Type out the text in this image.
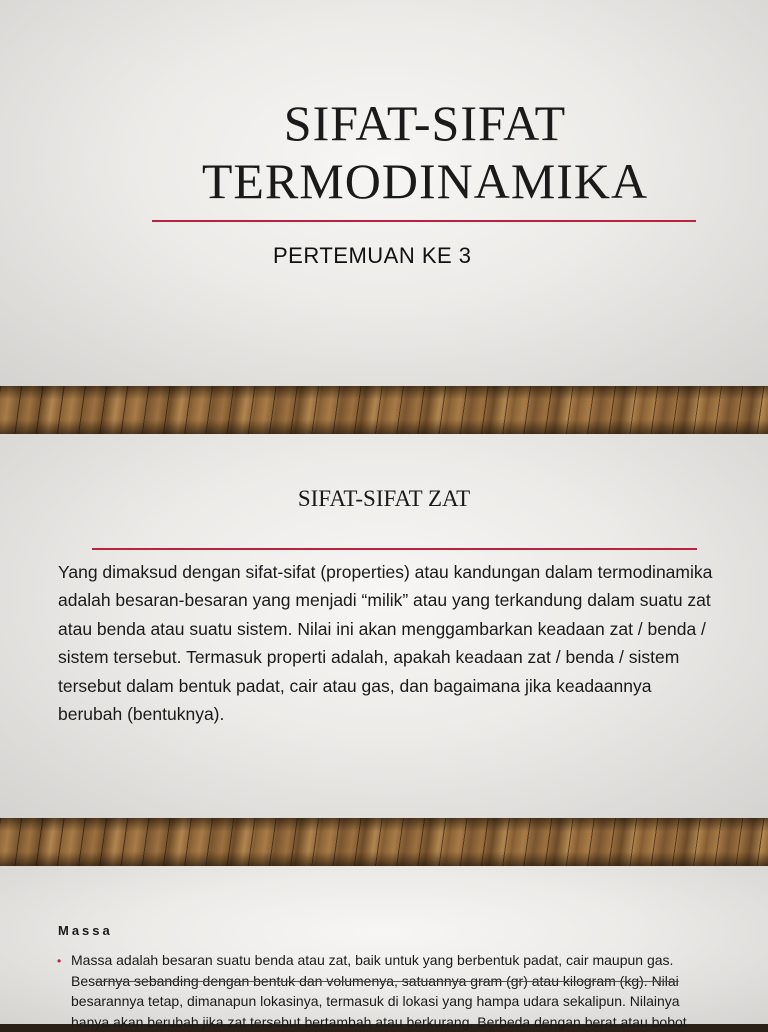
SIFAT-SIFAT
TERMODINAMIKA
PERTEMUAN KE 3
SIFAT-SIFAT ZAT
Yang dimaksud dengan sifat-sifat (properties) atau kandungan dalam termodinamika adalah besaran-besaran yang menjadi “milik” atau yang terkandung dalam suatu zat atau benda atau suatu sistem. Nilai ini akan menggambarkan keadaan zat / benda / sistem tersebut. Termasuk properti adalah, apakah keadaan zat / benda / sistem tersebut dalam bentuk padat, cair atau gas, dan bagaimana jika keadaannya berubah (bentuknya).
Massa
• Massa adalah besaran suatu benda atau zat, baik untuk yang berbentuk padat, cair maupun gas. Besarnya sebanding dengan bentuk dan volumenya, satuannya gram (gr) atau kilogram (kg). Nilai besarannya tetap, dimanapun lokasinya, termasuk di lokasi yang hampa udara sekalipun. Nilainya hanya akan berubah jika zat tersebut bertambah atau berkurang. Berbeda dengan berat atau bobot
